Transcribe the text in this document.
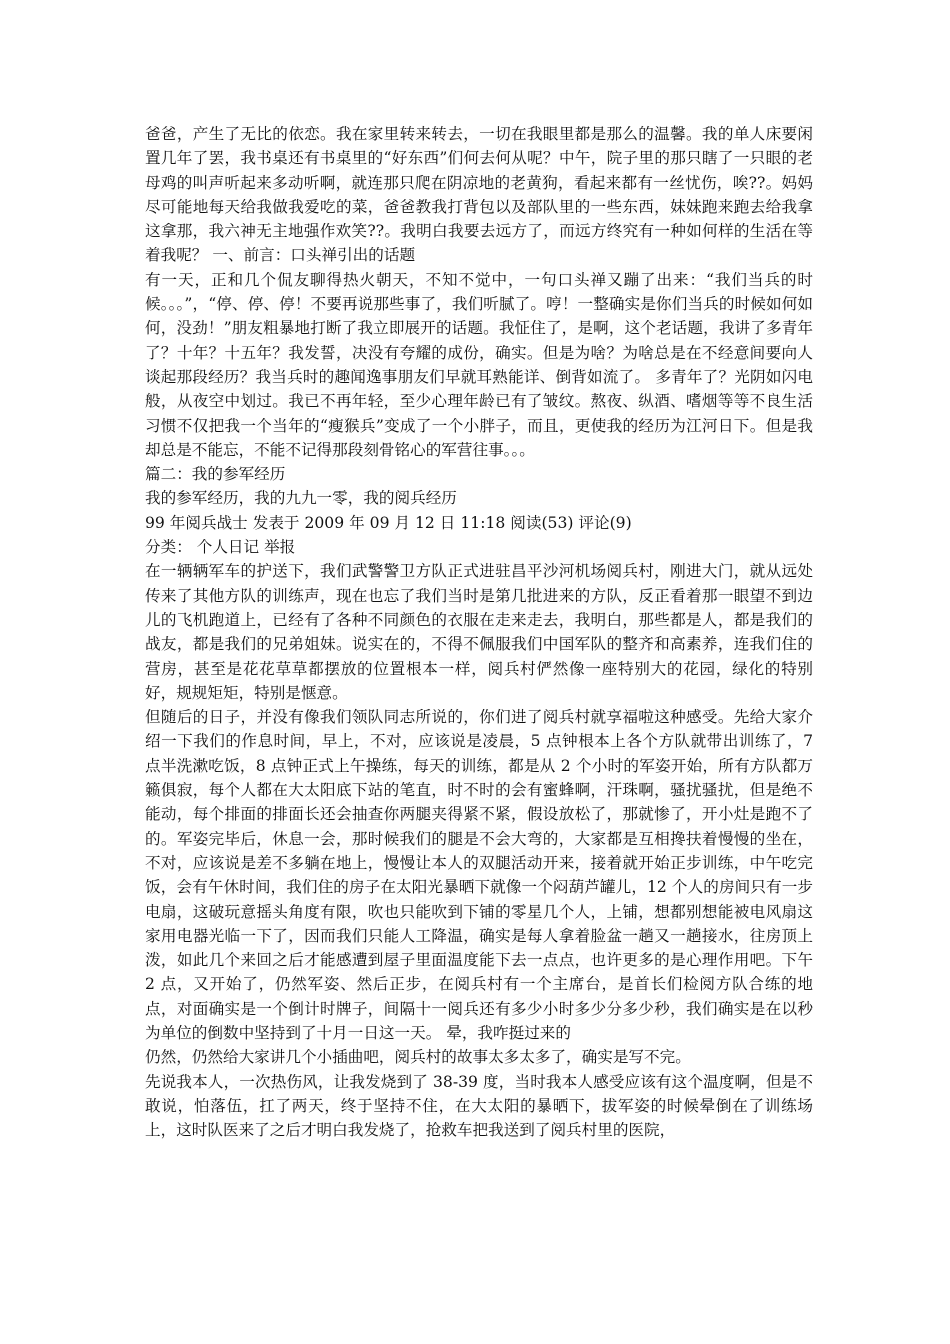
爸爸，产生了无比的依恋。我在家里转来转去，一切在我眼里都是那么的温馨。我的单人床要闲置几年了罢，我书桌还有书桌里的“好东西”们何去何从呢？中午，院子里的那只瞎了一只眼的老母鸡的叫声听起来多动听啊，就连那只爬在阴凉地的老黄狗，看起来都有一丝忧伤，唉??。妈妈尽可能地每天给我做我爱吃的菜，爸爸教我打背包以及部队里的一些东西，妹妹跑来跑去给我拿这拿那，我六神无主地强作欢笑??。我明白我要去远方了，而远方终究有一种如何样的生活在等着我呢？ 一、前言：口头禅引出的话题

有一天，正和几个侃友聊得热火朝天，不知不觉中，一句口头禅又蹦了出来：“我们当兵的时候。。。”，“停、停、停！不要再说那些事了，我们听腻了。哼！一整确实是你们当兵的时候如何如何，没劲！”朋友粗暴地打断了我立即展开的话题。我怔住了，是啊，这个老话题，我讲了多青年了？十年？十五年？我发誓，决没有夸耀的成份，确实。但是为啥？为啥总是在不经意间要向人谈起那段经历？我当兵时的趣闻逸事朋友们早就耳熟能详、倒背如流了。 多青年了？光阴如闪电般，从夜空中划过。我已不再年轻，至少心理年龄已有了皱纹。熬夜、纵酒、嗜烟等等不良生活习惯不仅把我一个当年的“瘦猴兵”变成了一个小胖子，而且，更使我的经历为江河日下。但是我却总是不能忘，不能不记得那段刻骨铭心的军营往事。。。

篇二：我的参军经历

我的参军经历，我的九九一零，我的阅兵经历

99 年阅兵战士 发表于 2009 年 09 月 12 日 11:18 阅读(53) 评论(9)

分类： 个人日记 举报

在一辆辆军车的护送下，我们武警警卫方队正式进驻昌平沙河机场阅兵村，刚进大门，就从远处传来了其他方队的训练声，现在也忘了我们当时是第几批进来的方队，反正看着那一眼望不到边儿的飞机跑道上，已经有了各种不同颜色的衣服在走来走去，我明白，那些都是人，都是我们的战友，都是我们的兄弟姐妹。说实在的，不得不佩服我们中国军队的整齐和高素养，连我们住的营房，甚至是花花草草都摆放的位置根本一样，阅兵村俨然像一座特别大的花园，绿化的特别好，规规矩矩，特别是惬意。

但随后的日子，并没有像我们领队同志所说的，你们进了阅兵村就享福啦这种感受。先给大家介绍一下我们的作息时间，早上，不对，应该说是凌晨，5 点钟根本上各个方队就带出训练了，7 点半洗漱吃饭，8 点钟正式上午操练，每天的训练，都是从 2 个小时的军姿开始，所有方队都万籁俱寂，每个人都在大太阳底下站的笔直，时不时的会有蜜蜂啊，汗珠啊，骚扰骚扰，但是绝不能动，每个排面的排面长还会抽查你两腿夹得紧不紧，假设放松了，那就惨了，开小灶是跑不了的。军姿完毕后，休息一会，那时候我们的腿是不会大弯的，大家都是互相搀扶着慢慢的坐在，不对，应该说是差不多躺在地上，慢慢让本人的双腿活动开来，接着就开始正步训练，中午吃完饭，会有午休时间，我们住的房子在太阳光暴晒下就像一个闷葫芦罐儿，12 个人的房间只有一步电扇，这破玩意摇头角度有限，吹也只能吹到下铺的零星几个人，上铺，想都别想能被电风扇这家用电器光临一下了，因而我们只能人工降温，确实是每人拿着脸盆一趟又一趟接水，往房顶上泼，如此几个来回之后才能感遭到屋子里面温度能下去一点点，也许更多的是心理作用吧。下午 2 点，又开始了，仍然军姿、然后正步，在阅兵村有一个主席台，是首长们检阅方队合练的地点，对面确实是一个倒计时牌子，间隔十一阅兵还有多少小时多少分多少秒，我们确实是在以秒为单位的倒数中坚持到了十月一日这一天。 晕，我咋挺过来的

仍然，仍然给大家讲几个小插曲吧，阅兵村的故事太多太多了，确实是写不完。

先说我本人，一次热伤风，让我发烧到了 38-39 度，当时我本人感受应该有这个温度啊，但是不敢说，怕落伍，扛了两天，终于坚持不住，在大太阳的暴晒下，拔军姿的时候晕倒在了训练场上，这时队医来了之后才明白我发烧了，抢救车把我送到了阅兵村里的医院，
